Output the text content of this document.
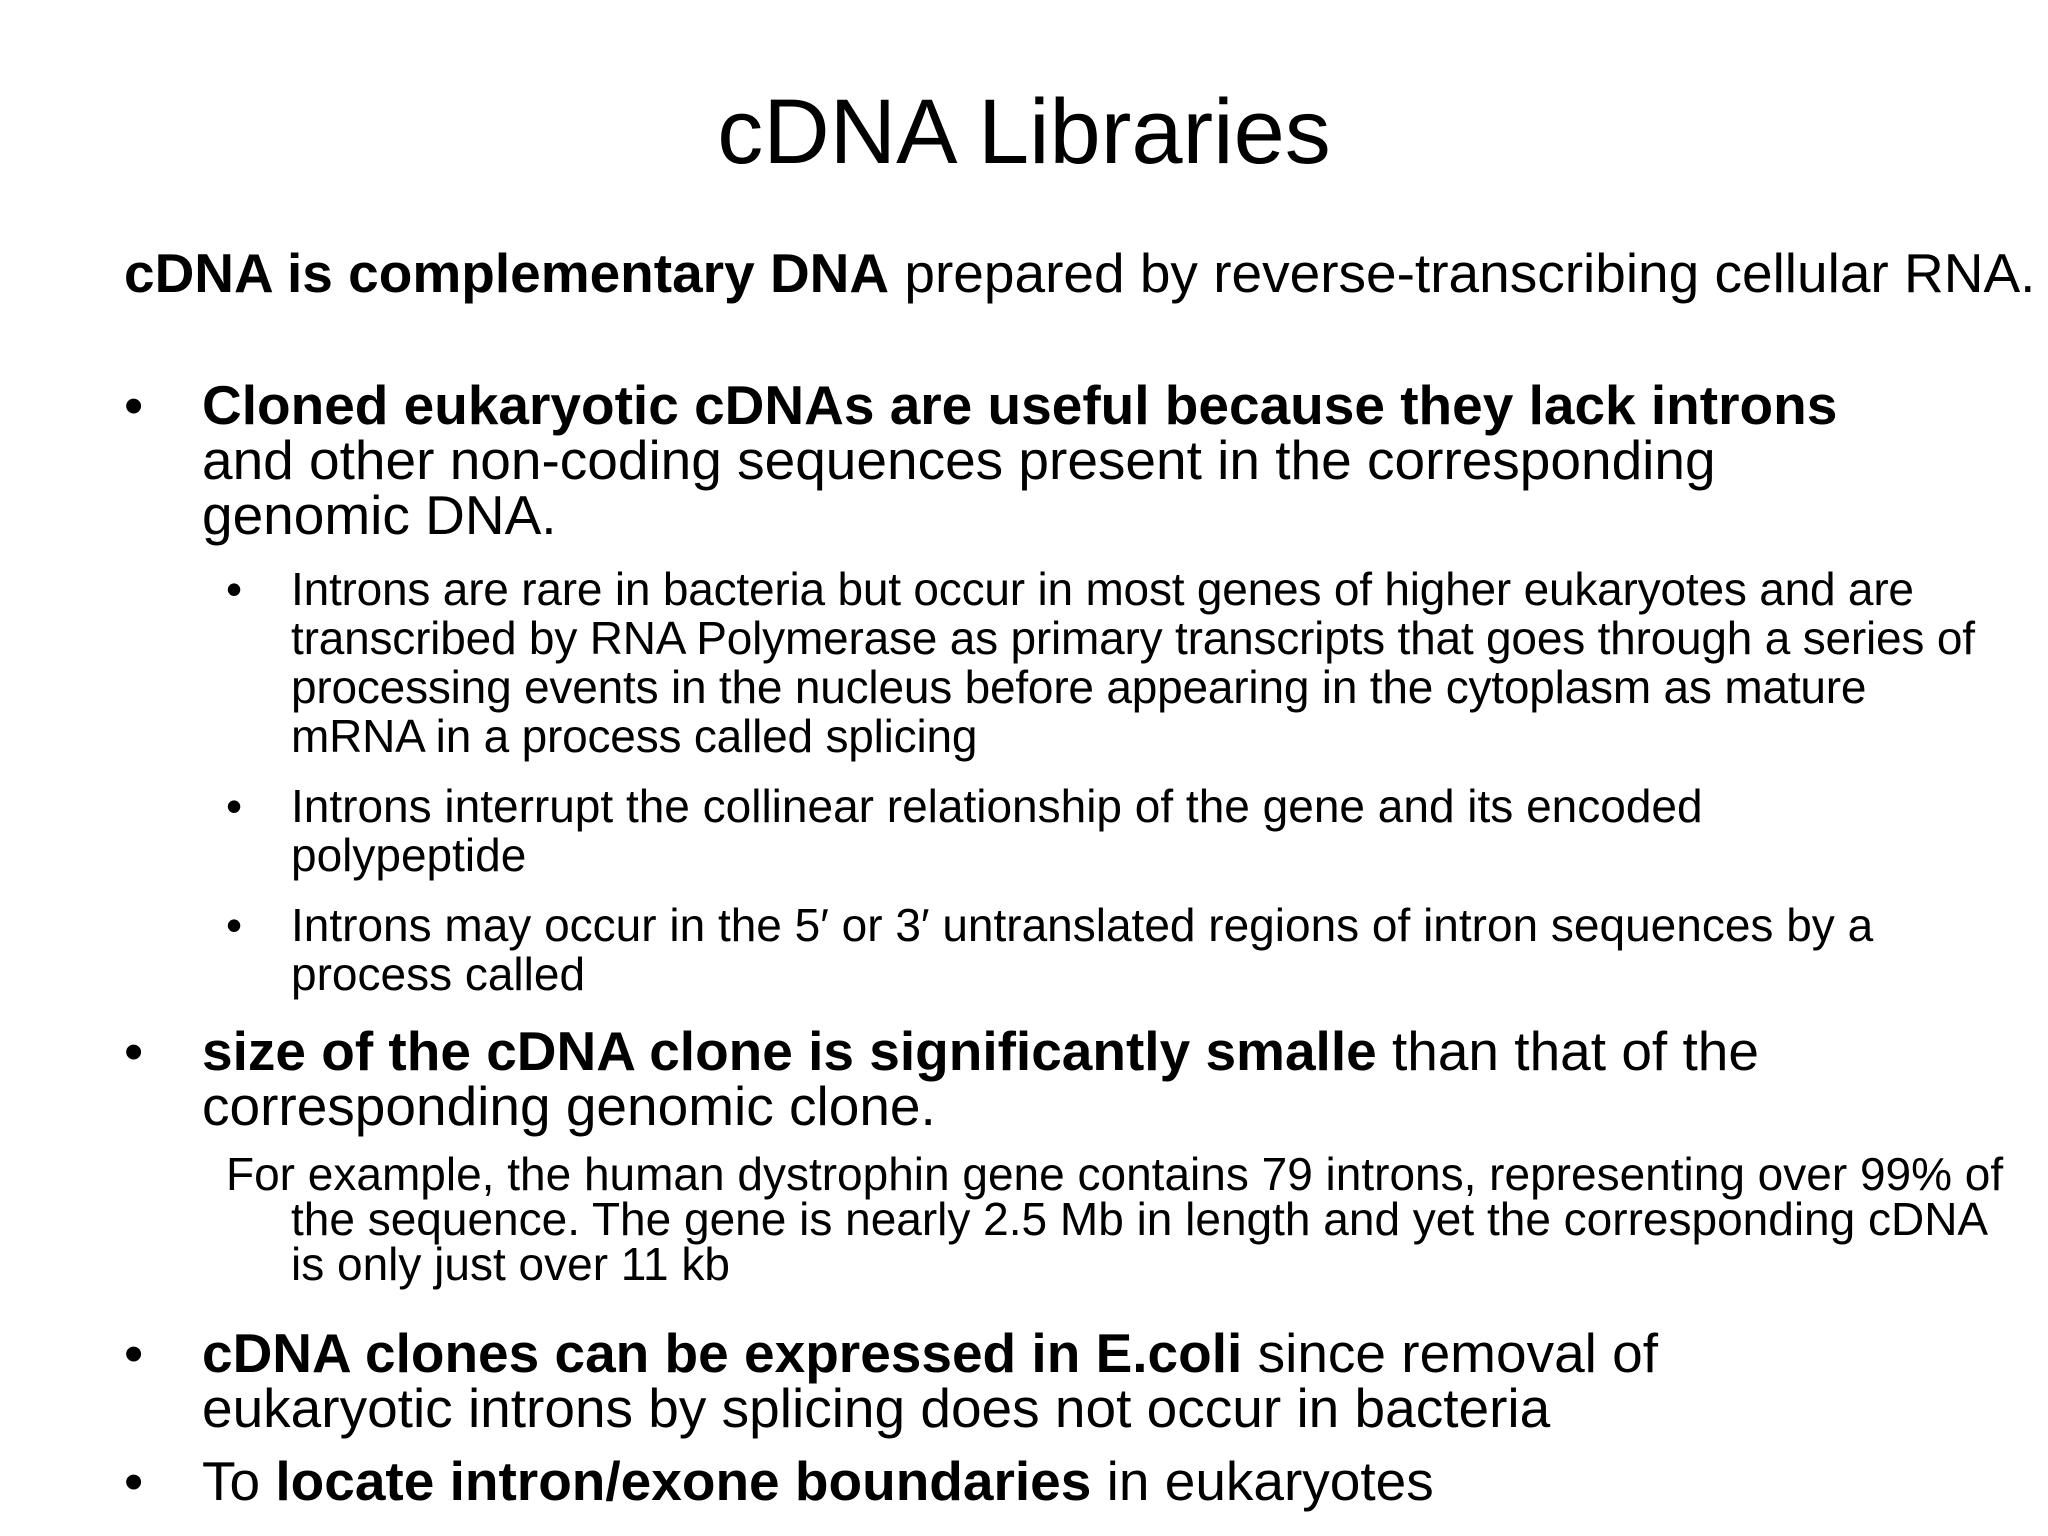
cDNA Libraries
cDNA is complementary DNA prepared by reverse-transcribing cellular RNA.
• Cloned eukaryotic cDNAs are useful because they lack introns and other non-coding sequences present in the corresponding genomic DNA.
• Introns are rare in bacteria but occur in most genes of higher eukaryotes and are transcribed by RNA Polymerase as primary transcripts that goes through a series of processing events in the nucleus before appearing in the cytoplasm as mature mRNA in a process called splicing
• Introns interrupt the collinear relationship of the gene and its encoded polypeptide
• Introns may occur in the 5′ or 3′ untranslated regions of intron sequences by a process called
• size of the cDNA clone is significantly smalle than that of the corresponding genomic clone.
For example, the human dystrophin gene contains 79 introns, representing over 99% of the sequence. The gene is nearly 2.5 Mb in length and yet the corresponding cDNA is only just over 11 kb
• cDNA clones can be expressed in E.coli since removal of eukaryotic introns by splicing does not occur in bacteria
• To locate intron/exone boundaries in eukaryotes
